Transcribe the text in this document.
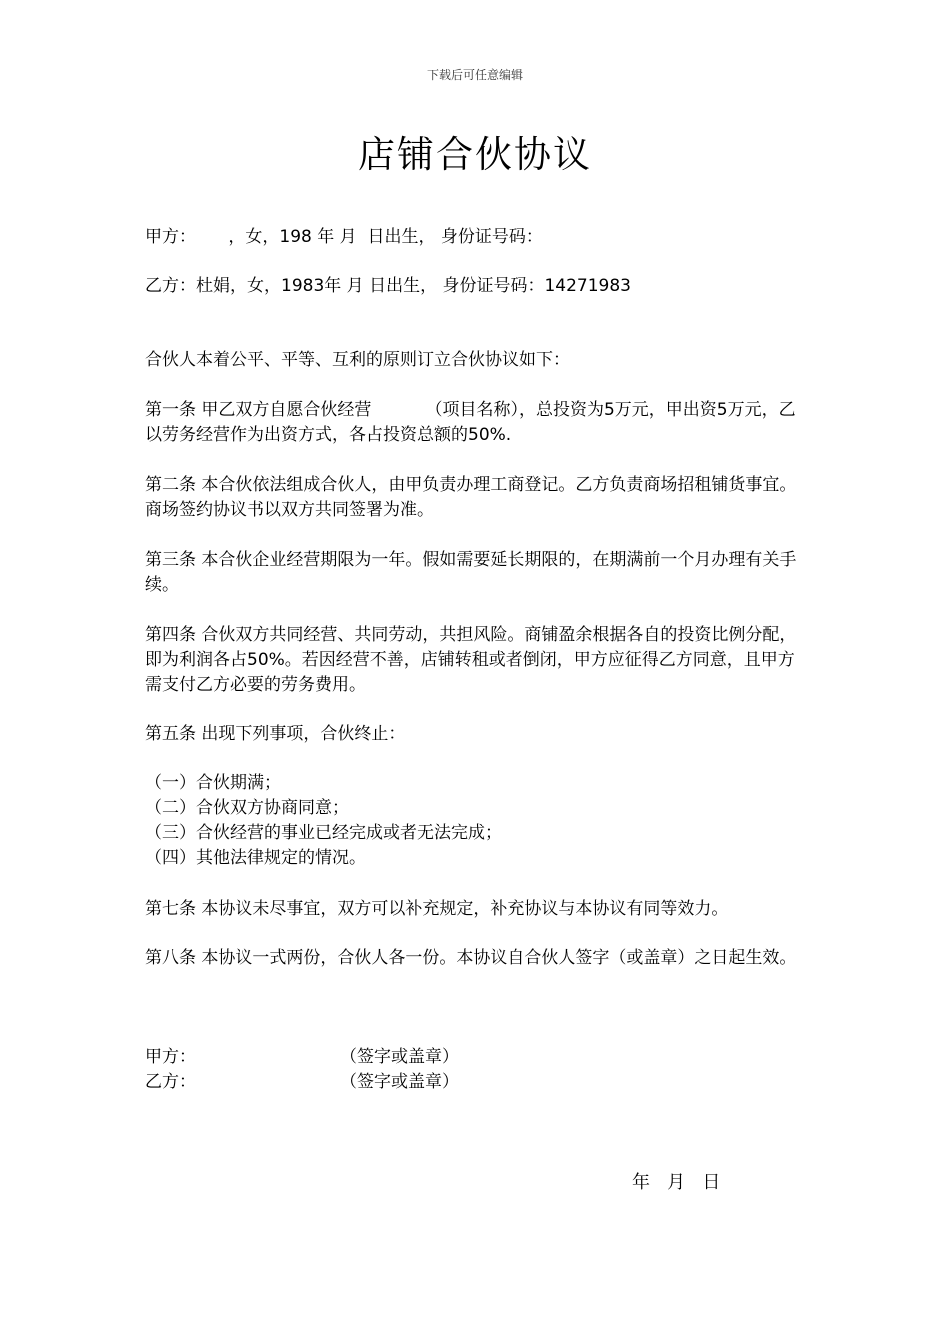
下载后可任意编辑
店铺合伙协议
甲方：      ，女，198 年 月  日出生， 身份证号码：
乙方：杜娟，女，1983年 月 日出生， 身份证号码：14271983
合伙人本着公平、平等、互利的原则订立合伙协议如下：
第一条 甲乙双方自愿合伙经营          （项目名称），总投资为5万元，甲出资5万元，乙以劳务经营作为出资方式，各占投资总额的50%.
第二条 本合伙依法组成合伙人，由甲负责办理工商登记。乙方负责商场招租铺货事宜。商场签约协议书以双方共同签署为准。
第三条 本合伙企业经营期限为一年。假如需要延长期限的，在期满前一个月办理有关手续。
第四条 合伙双方共同经营、共同劳动，共担风险。商铺盈余根据各自的投资比例分配，即为利润各占50%。若因经营不善，店铺转租或者倒闭，甲方应征得乙方同意，且甲方需支付乙方必要的劳务费用。
第五条 出现下列事项，合伙终止：
（一）合伙期满；
（二）合伙双方协商同意；
（三）合伙经营的事业已经完成或者无法完成；
（四）其他法律规定的情况。
第七条 本协议未尽事宜，双方可以补充规定，补充协议与本协议有同等效力。
第八条 本协议一式两份，合伙人各一份。本协议自合伙人签字（或盖章）之日起生效。
甲方：	（签字或盖章）
乙方：	（签字或盖章）
年   月   日
